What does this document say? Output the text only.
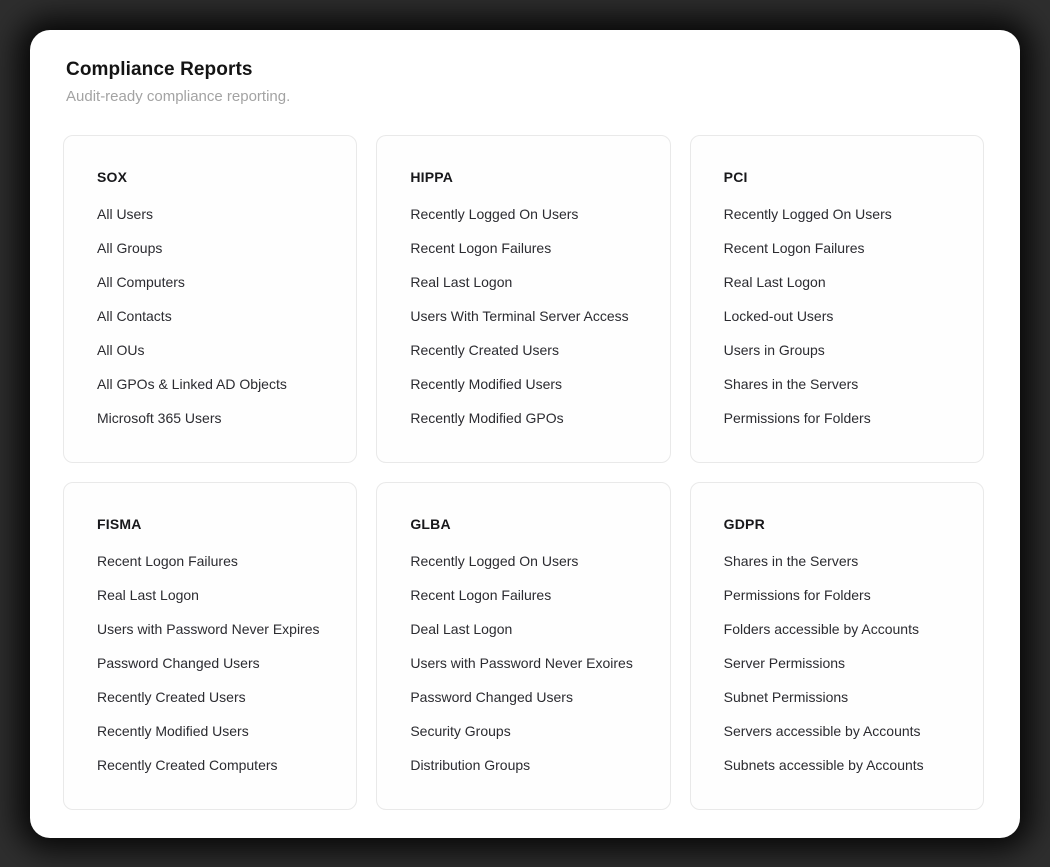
Compliance Reports
Audit-ready compliance reporting.
SOX
All Users
All Groups
All Computers
All Contacts
All OUs
All GPOs & Linked AD Objects
Microsoft 365 Users
HIPPA
Recently Logged On Users
Recent Logon Failures
Real Last Logon
Users With Terminal Server Access
Recently Created Users
Recently Modified Users
Recently Modified GPOs
PCI
Recently Logged On Users
Recent Logon Failures
Real Last Logon
Locked-out Users
Users in Groups
Shares in the Servers
Permissions for Folders
FISMA
Recent Logon Failures
Real Last Logon
Users with Password Never Expires
Password Changed Users
Recently Created Users
Recently Modified Users
Recently Created Computers
GLBA
Recently Logged On Users
Recent Logon Failures
Deal Last Logon
Users with Password Never Exoires
Password Changed Users
Security Groups
Distribution Groups
GDPR
Shares in the Servers
Permissions for Folders
Folders accessible by Accounts
Server Permissions
Subnet Permissions
Servers accessible by Accounts
Subnets accessible by Accounts
